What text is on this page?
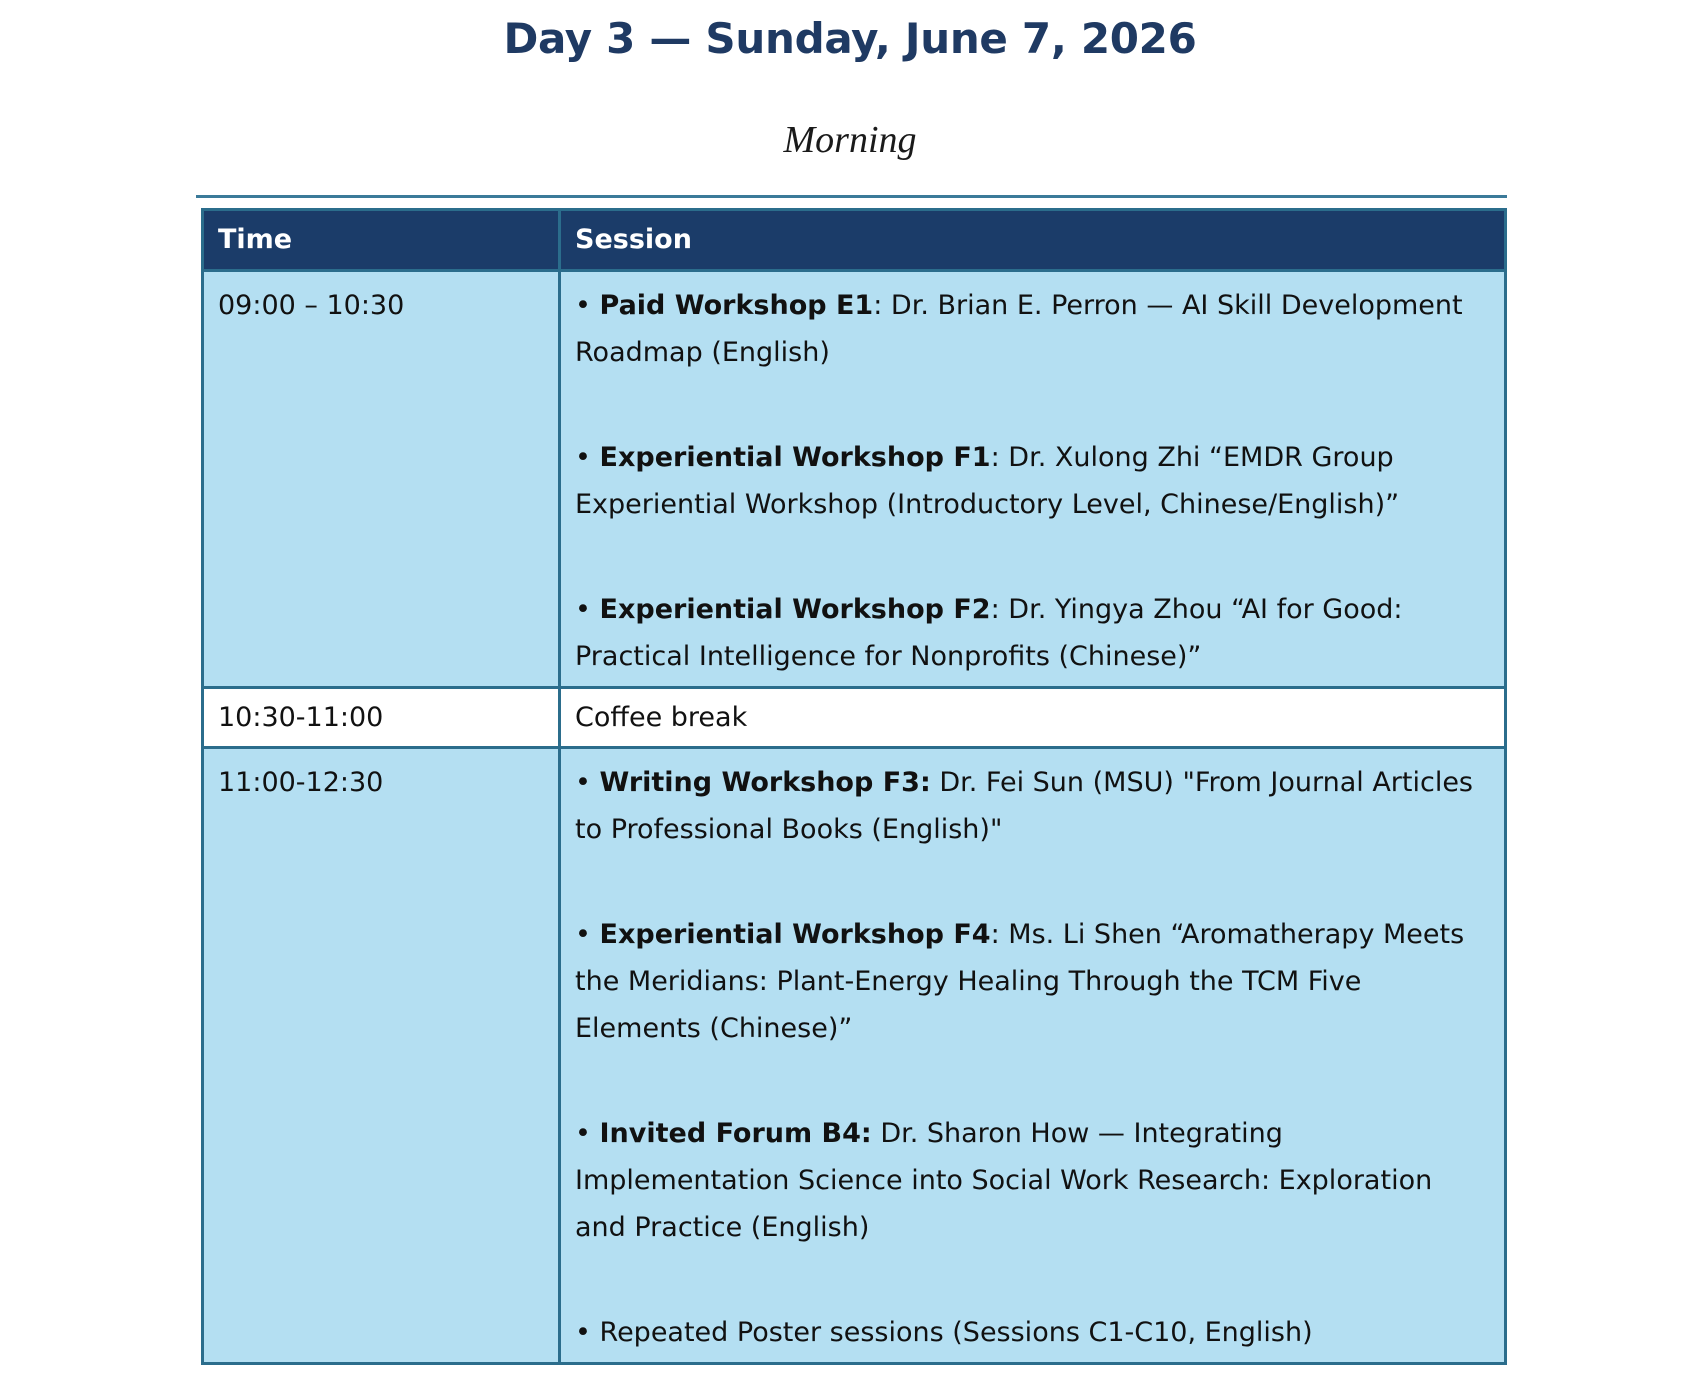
Day 3 — Sunday, June 7, 2026
Morning
Time	Session
09:00 – 10:30	• Paid Workshop E1: Dr. Brian E. Perron — AI Skill Development Roadmap (English)

• Experiential Workshop F1: Dr. Xulong Zhi “EMDR Group Experiential Workshop (Introductory Level, Chinese/English)”

• Experiential Workshop F2: Dr. Yingya Zhou “AI for Good: Practical Intelligence for Nonprofits (Chinese)”

10:30-11:00	Coffee break
11:00-12:30	• Writing Workshop F3: Dr. Fei Sun (MSU) "From Journal Articles to Professional Books (English)"

• Experiential Workshop F4: Ms. Li Shen “Aromatherapy Meets the Meridians: Plant-Energy Healing Through the TCM Five Elements (Chinese)”

• Invited Forum B4: Dr. Sharon How — Integrating Implementation Science into Social Work Research: Exploration and Practice (English)

• Repeated Poster sessions (Sessions C1-C10, English)
